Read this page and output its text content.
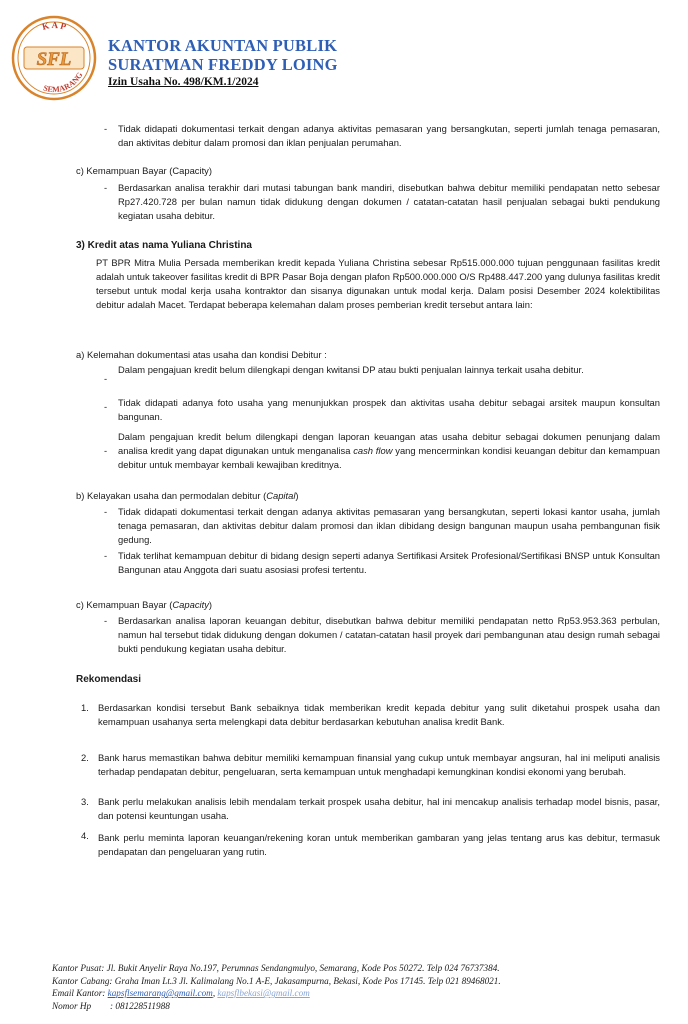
K A P
SFL
SEMARANG
KANTOR AKUNTAN PUBLIK
SURATMAN FREDDY LOING
Izin Usaha No. 498/KM.1/2024
- Tidak didapati dokumentasi terkait dengan adanya aktivitas pemasaran yang bersangkutan, seperti jumlah tenaga pemasaran, dan aktivitas debitur dalam promosi dan iklan penjualan perumahan.
c) Kemampuan Bayar (Capacity)
- Berdasarkan analisa terakhir dari mutasi tabungan bank mandiri, disebutkan bahwa debitur memiliki pendapatan netto sebesar Rp27.420.728 per bulan namun tidak didukung dengan dokumen / catatan-catatan hasil penjualan sebagai bukti pendukung kegiatan usaha debitur.
3) Kredit atas nama Yuliana Christina
PT BPR Mitra Mulia Persada memberikan kredit kepada Yuliana Christina sebesar Rp515.000.000 tujuan penggunaan fasilitas kredit adalah untuk takeover fasilitas kredit di BPR Pasar Boja dengan plafon Rp500.000.000 O/S Rp488.447.200 yang dulunya fasilitas kredit tersebut untuk modal kerja usaha kontraktor dan sisanya digunakan untuk modal kerja. Dalam posisi Desember 2024 kolektibilitas debitur adalah Macet. Terdapat beberapa kelemahan dalam proses pemberian kredit tersebut antara lain:
a) Kelemahan dokumentasi atas usaha dan kondisi Debitur :
-
Dalam pengajuan kredit belum dilengkapi dengan kwitansi DP atau bukti penjualan lainnya terkait usaha debitur.
- Tidak didapati adanya foto usaha yang menunjukkan prospek dan aktivitas usaha debitur sebagai arsitek maupun konsultan bangunan.
-
Dalam pengajuan kredit belum dilengkapi dengan laporan keuangan atas usaha debitur sebagai dokumen penunjang dalam analisa kredit yang dapat digunakan untuk menganalisa cash flow yang mencerminkan kondisi keuangan debitur dan kemampuan debitur untuk membayar kembali kewajiban kreditnya.
b) Kelayakan usaha dan permodalan debitur (Capital)
- Tidak didapati dokumentasi terkait dengan adanya aktivitas pemasaran yang bersangkutan, seperti lokasi kantor usaha, jumlah tenaga pemasaran, dan aktivitas debitur dalam promosi dan iklan dibidang design bangunan maupun usaha pembangunan fisik gedung.
- Tidak terlihat kemampuan debitur di bidang design seperti adanya Sertifikasi Arsitek Profesional/Sertifikasi BNSP untuk Konsultan Bangunan atau Anggota dari suatu asosiasi profesi tertentu.
c) Kemampuan Bayar (Capacity)
- Berdasarkan analisa laporan keuangan debitur, disebutkan bahwa debitur memiliki pendapatan netto Rp53.953.363 perbulan, namun hal tersebut tidak didukung dengan dokumen / catatan-catatan hasil proyek dari pembangunan atau design rumah sebagai bukti pendukung kegiatan usaha debitur.
Rekomendasi
1. Berdasarkan kondisi tersebut Bank sebaiknya tidak memberikan kredit kepada debitur yang sulit diketahui prospek usaha dan kemampuan usahanya serta melengkapi data debitur berdasarkan kebutuhan analisa kredit Bank.
2. Bank harus memastikan bahwa debitur memiliki kemampuan finansial yang cukup untuk membayar angsuran, hal ini meliputi analisis terhadap pendapatan debitur, pengeluaran, serta kemampuan untuk menghadapi kemungkinan kondisi ekonomi yang berubah.
3. Bank perlu melakukan analisis lebih mendalam terkait prospek usaha debitur, hal ini mencakup analisis terhadap model bisnis, pasar, dan potensi keuntungan usaha.
4. Bank perlu meminta laporan keuangan/rekening koran untuk memberikan gambaran yang jelas tentang arus kas debitur, termasuk pendapatan dan pengeluaran yang rutin.
Kantor Pusat: Jl. Bukit Anyelir Raya No.197, Perumnas Sendangmulyo, Semarang, Kode Pos 50272. Telp 024 76737384.
Kantor Cabang: Graha Iman Lt.3 Jl. Kalimalang No.1 A-E, Jakasampurna, Bekasi, Kode Pos 17145. Telp 021 89468021.
Email Kantor: kapsflsemarang@gmail.com, kapsflbekasi@gmail.com
Nomor Hp : 081228511988
